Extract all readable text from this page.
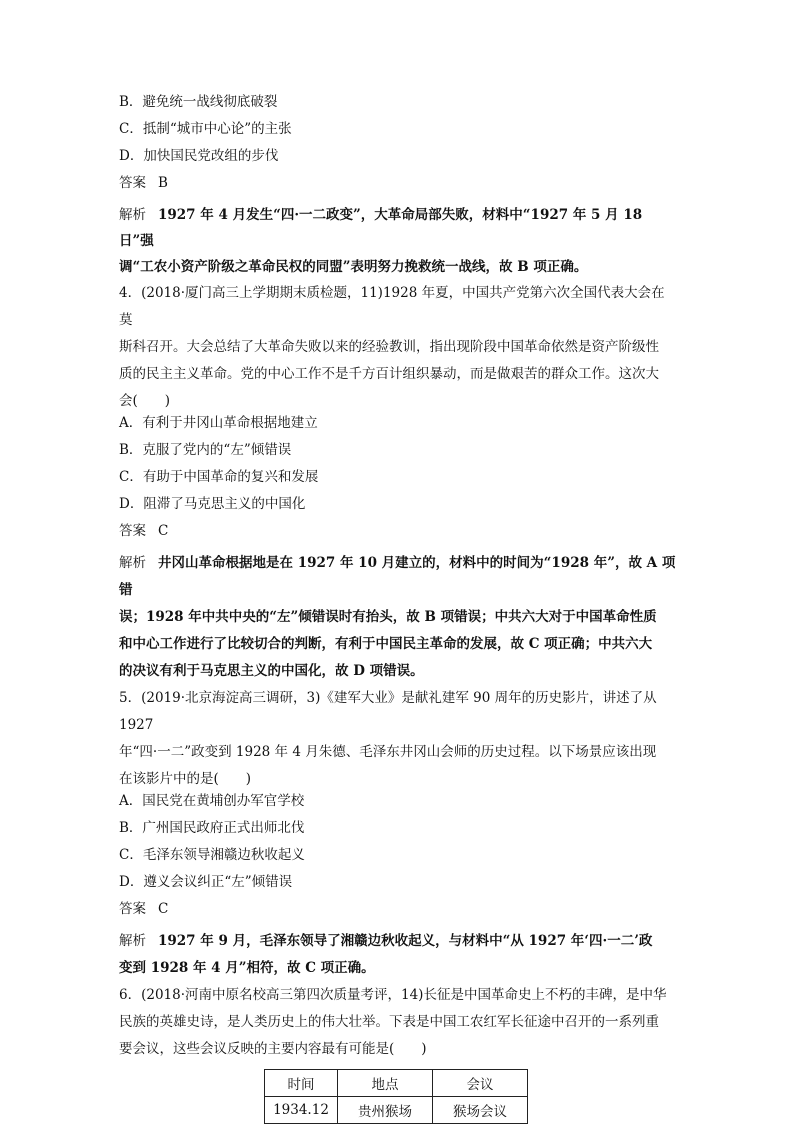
B．避免统一战线彻底破裂
C．抵制“城市中心论”的主张
D．加快国民党改组的步伐
答案 B
解析 1927 年 4 月发生“四·一二政变”，大革命局部失败，材料中“1927 年 5 月 18 日”强
调“工农小资产阶级之革命民权的同盟”表明努力挽救统一战线，故 B 项正确。
4．(2018·厦门高三上学期期末质检题，11)1928 年夏，中国共产党第六次全国代表大会在莫
斯科召开。大会总结了大革命失败以来的经验教训，指出现阶段中国革命依然是资产阶级性
质的民主主义革命。党的中心工作不是千方百计组织暴动，而是做艰苦的群众工作。这次大
会(　　)
A．有利于井冈山革命根据地建立
B．克服了党内的“左”倾错误
C．有助于中国革命的复兴和发展
D．阻滞了马克思主义的中国化
答案 C
解析 井冈山革命根据地是在 1927 年 10 月建立的，材料中的时间为“1928 年”，故 A 项错
误；1928 年中共中央的“左”倾错误时有抬头，故 B 项错误；中共六大对于中国革命性质
和中心工作进行了比较切合的判断，有利于中国民主革命的发展，故 C 项正确；中共六大
的决议有利于马克思主义的中国化，故 D 项错误。
5．(2019·北京海淀高三调研，3)《建军大业》是献礼建军 90 周年的历史影片，讲述了从 1927
年“四·一二”政变到 1928 年 4 月朱德、毛泽东井冈山会师的历史过程。以下场景应该出现
在该影片中的是(　　)
A．国民党在黄埔创办军官学校
B．广州国民政府正式出师北伐
C．毛泽东领导湘赣边秋收起义
D．遵义会议纠正“左”倾错误
答案 C
解析 1927 年 9 月，毛泽东领导了湘赣边秋收起义，与材料中“从 1927 年‘四·一二’政
变到 1928 年 4 月”相符，故 C 项正确。
6．(2018·河南中原名校高三第四次质量考评，14)长征是中国革命史上不朽的丰碑，是中华
民族的英雄史诗，是人类历史上的伟大壮举。下表是中国工农红军长征途中召开的一系列重
要会议，这些会议反映的主要内容最有可能是(　　)
时间	地点	会议
1934.12	贵州猴场	猴场会议
